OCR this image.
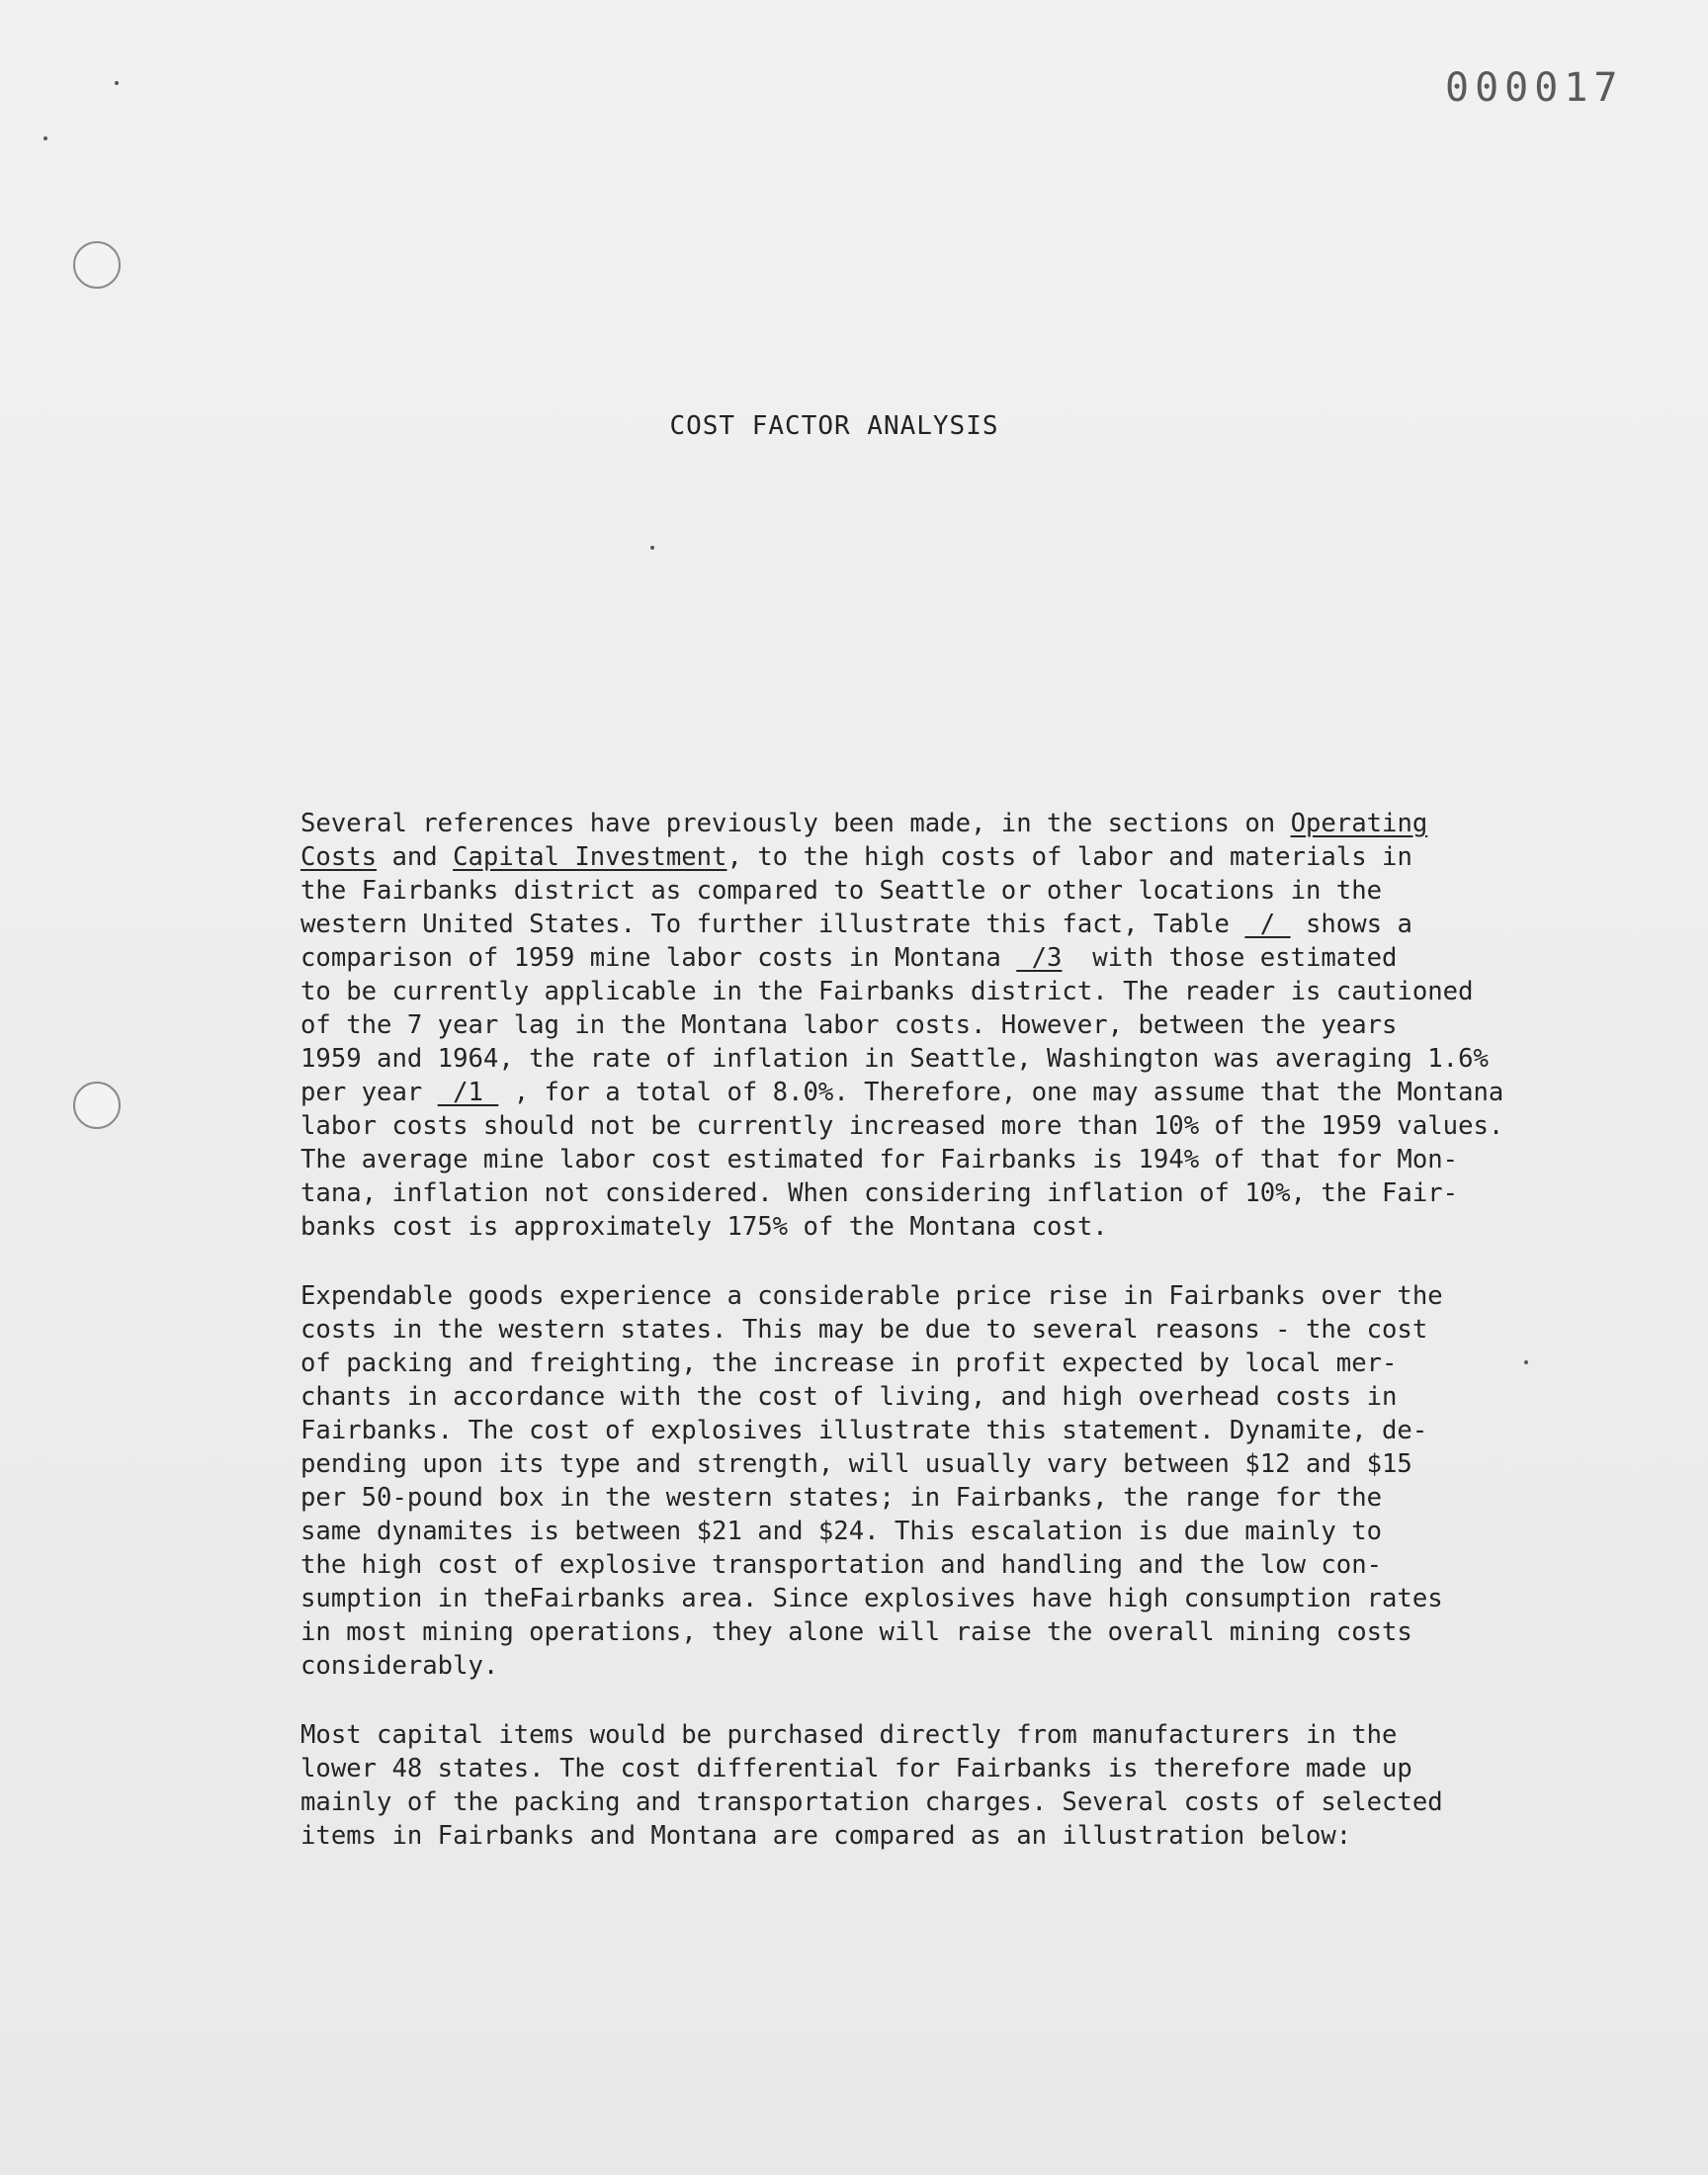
000017
COST FACTOR ANALYSIS
Several references have previously been made, in the sections on Operating
Costs and Capital Investment, to the high costs of labor and materials in
the Fairbanks district as compared to Seattle or other locations in the
western United States. To further illustrate this fact, Table  /  shows a
comparison of 1959 mine labor costs in Montana  /3  with those estimated
to be currently applicable in the Fairbanks district. The reader is cautioned
of the 7 year lag in the Montana labor costs. However, between the years
1959 and 1964, the rate of inflation in Seattle, Washington was averaging 1.6%
per year  /1  , for a total of 8.0%. Therefore, one may assume that the Montana
labor costs should not be currently increased more than 10% of the 1959 values.
The average mine labor cost estimated for Fairbanks is 194% of that for Mon-
tana, inflation not considered. When considering inflation of 10%, the Fair-
banks cost is approximately 175% of the Montana cost.
Expendable goods experience a considerable price rise in Fairbanks over the
costs in the western states. This may be due to several reasons - the cost
of packing and freighting, the increase in profit expected by local mer-
chants in accordance with the cost of living, and high overhead costs in
Fairbanks. The cost of explosives illustrate this statement. Dynamite, de-
pending upon its type and strength, will usually vary between $12 and $15
per 50-pound box in the western states; in Fairbanks, the range for the
same dynamites is between $21 and $24. This escalation is due mainly to
the high cost of explosive transportation and handling and the low con-
sumption in theFairbanks area. Since explosives have high consumption rates
in most mining operations, they alone will raise the overall mining costs
considerably.
Most capital items would be purchased directly from manufacturers in the
lower 48 states. The cost differential for Fairbanks is therefore made up
mainly of the packing and transportation charges. Several costs of selected
items in Fairbanks and Montana are compared as an illustration below:
